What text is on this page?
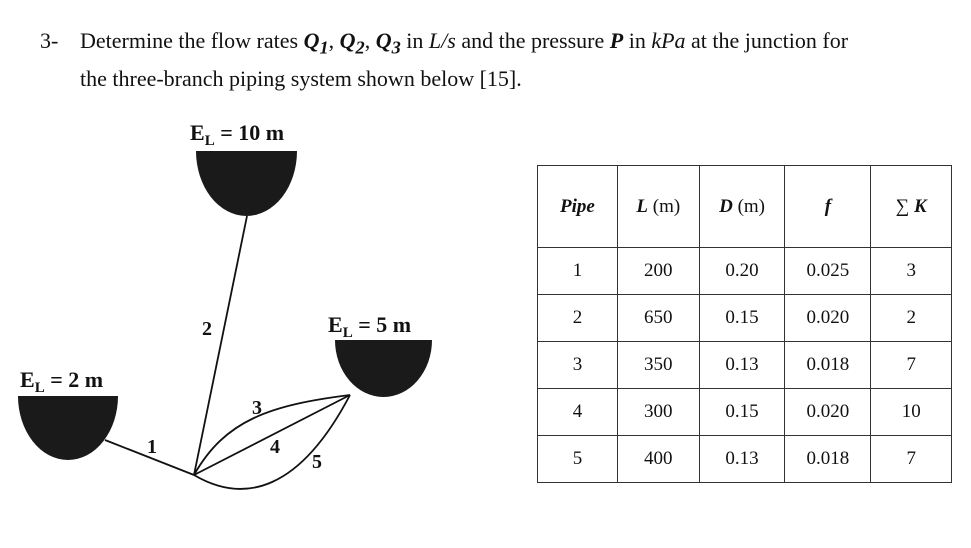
3- Determine the flow rates $Q_1$, $Q_2$, $Q_3$ in L/s and the pressure P in kPa at the junction for
the three-branch piping system shown below [15].
$E_L = 10$ m
$E_L = 5$ m
$E_L = 2$ m
1
2
3
4
5
Pipe	L (m)	D (m)	f	∑ K
1	200	0.20	0.025	3
2	650	0.15	0.020	2
3	350	0.13	0.018	7
4	300	0.15	0.020	10
5	400	0.13	0.018	7
